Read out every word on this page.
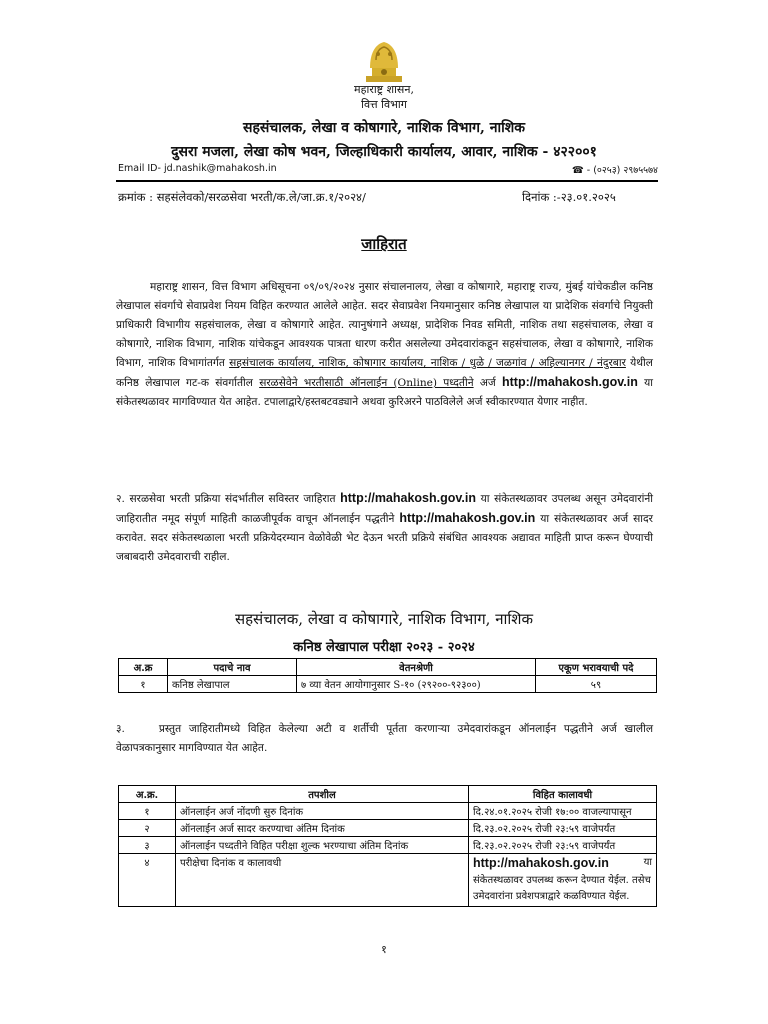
महाराष्ट्र शासन,
वित्त विभाग
सहसंचालक, लेखा व कोषागारे, नाशिक विभाग, नाशिक
दुसरा मजला, लेखा कोष भवन, जिल्हाधिकारी कार्यालय, आवार, नाशिक - ४२२००१
Email ID- jd.nashik@mahakosh.in	☎ - (०२५३) २९७५५७४
क्रमांक : सहसंलेवको/सरळसेवा भरती/क.ले/जा.क्र.१/२०२४/	दिनांक :-२३.०१.२०२५
जाहिरात
महाराष्ट्र शासन, वित्त विभाग अधिसूचना ०९/०९/२०२४ नुसार संचालनालय, लेखा व कोषागारे, महाराष्ट्र राज्य, मुंबई यांचेकडील कनिष्ठ लेखापाल संवर्गाचे सेवाप्रवेश नियम विहित करण्यात आलेले आहेत. सदर सेवाप्रवेश नियमानुसार कनिष्ठ लेखापाल या प्रादेशिक संवर्गाचे नियुक्ती प्राधिकारी विभागीय सहसंचालक, लेखा व कोषागारे आहेत. त्यानुषंगाने अध्यक्ष, प्रादेशिक निवड समिती, नाशिक तथा सहसंचालक, लेखा व कोषागारे, नाशिक विभाग, नाशिक यांचेकडून आवश्यक पात्रता धारण करीत असलेल्या उमेदवारांकडून सहसंचालक, लेखा व कोषागारे, नाशिक विभाग, नाशिक विभागांतर्गत सहसंचालक कार्यालय, नाशिक, कोषागार कार्यालय, नाशिक / धुळे / जळगांव / अहिल्यानगर / नंदुरबार येथील कनिष्ठ लेखापाल गट-क संवर्गातील सरळसेवेने भरतीसाठी ऑनलाईन (Online) पध्दतीने अर्ज http://mahakosh.gov.in या संकेतस्थळावर मागविण्यात येत आहेत. टपालाद्वारे/हस्तबटवड्याने अथवा कुरिअरने पाठविलेले अर्ज स्वीकारण्यात येणार नाहीत.
२. सरळसेवा भरती प्रक्रिया संदर्भातील सविस्तर जाहिरात http://mahakosh.gov.in या संकेतस्थळावर उपलब्ध असून उमेदवारांनी जाहिरातीत नमूद संपूर्ण माहिती काळजीपूर्वक वाचून ऑनलाईन पद्धतीने http://mahakosh.gov.in या संकेतस्थळावर अर्ज सादर करावेत. सदर संकेतस्थळाला भरती प्रक्रियेदरम्यान वेळोवेळी भेट देऊन भरती प्रक्रिये संबंधित आवश्यक अद्यावत माहिती प्राप्त करून घेण्याची जबाबदारी उमेदवाराची राहील.
सहसंचालक, लेखा व कोषागारे, नाशिक विभाग, नाशिक
कनिष्ठ लेखापाल परीक्षा २०२३ - २०२४
अ.क्र	पदाचे नाव	वेतनश्रेणी	एकूण भरावयाची पदे
१	कनिष्ठ लेखापाल	७ व्या वेतन आयोगानुसार S-१० (२९२००-९२३००)	५९
३.	प्रस्तुत जाहिरातीमध्ये विहित केलेल्या अटी व शर्तीची पूर्तता करणाऱ्या उमेदवारांकडून ऑनलाईन पद्धतीने अर्ज खालील वेळापत्रकानुसार मागविण्यात येत आहेत.
अ.क्र.	तपशील	विहित कालावधी
१	ऑनलाईन अर्ज नोंदणी सुरु दिनांक	दि.२४.०१.२०२५ रोजी १७:०० वाजल्यापासून
२	ऑनलाईन अर्ज सादर करण्याचा अंतिम दिनांक	दि.२३.०२.२०२५ रोजी २३:५९ वाजेपर्यंत
३	ऑनलाईन पध्दतीने विहित परीक्षा शुल्क भरण्याचा अंतिम दिनांक	दि.२३.०२.२०२५ रोजी २३:५९ वाजेपर्यंत
४	परीक्षेचा दिनांक व कालावधी	http://mahakosh.gov.in या

संकेतस्थळावर उपलब्ध करून देण्यात येईल. तसेच उमेदवारांना प्रवेशपत्राद्वारे कळविण्यात येईल.
१
